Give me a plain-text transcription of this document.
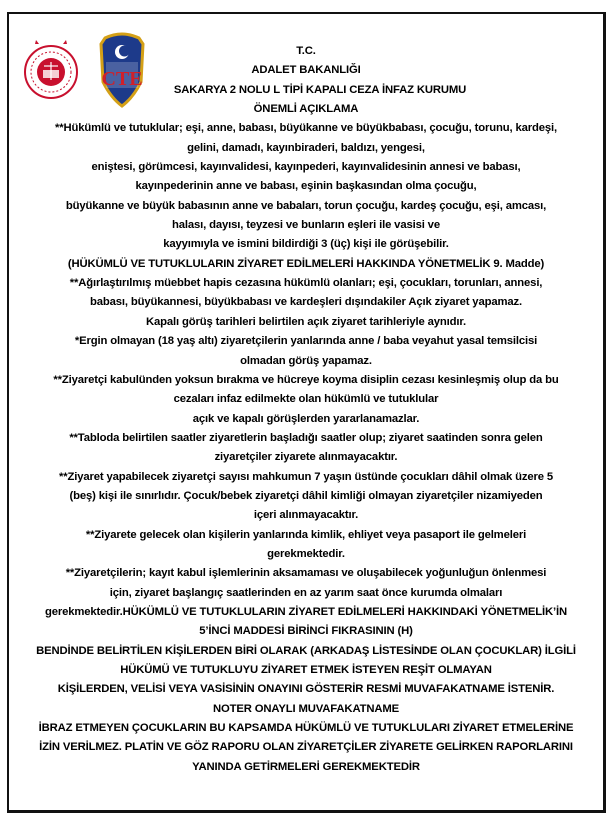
CTE
T.C.
ADALET BAKANLIĞI
SAKARYA 2 NOLU L TİPİ KAPALI CEZA İNFAZ KURUMU
ÖNEMLİ AÇIKLAMA
**Hükümlü ve tutuklular; eşi, anne, babası, büyükanne ve büyükbabası, çocuğu, torunu, kardeşi,
gelini, damadı, kayınbiraderi, baldızı, yengesi,
eniştesi, görümcesi, kayınvalidesi, kayınpederi, kayınvalidesinin annesi ve babası,
kayınpederinin anne ve babası, eşinin başkasından olma çocuğu,
büyükanne ve büyük babasının anne ve babaları, torun çocuğu, kardeş çocuğu, eşi, amcası,
halası, dayısı, teyzesi ve bunların eşleri ile vasisi ve
kayyımıyla ve ismini bildirdiği 3 (üç) kişi ile görüşebilir.
(HÜKÜMLÜ VE TUTUKLULARIN ZİYARET EDİLMELERİ HAKKINDA YÖNETMELİK 9. Madde)
**Ağırlaştırılmış müebbet hapis cezasına hükümlü olanları; eşi, çocukları, torunları, annesi,
babası, büyükannesi, büyükbabası ve kardeşleri dışındakiler Açık ziyaret yapamaz.
Kapalı görüş tarihleri belirtilen açık ziyaret tarihleriyle aynıdır.
*Ergin olmayan (18 yaş altı) ziyaretçilerin yanlarında anne / baba veyahut yasal temsilcisi
olmadan görüş yapamaz.
**Ziyaretçi kabulünden yoksun bırakma ve hücreye koyma disiplin cezası kesinleşmiş olup da bu
cezaları infaz edilmekte olan hükümlü ve tutuklular
açık ve kapalı görüşlerden yararlanamazlar.
**Tabloda belirtilen saatler ziyaretlerin başladığı saatler olup; ziyaret saatinden sonra gelen
ziyaretçiler ziyarete alınmayacaktır.
**Ziyaret yapabilecek ziyaretçi sayısı mahkumun 7 yaşın üstünde çocukları dâhil olmak üzere 5
(beş) kişi ile sınırlıdır. Çocuk/bebek ziyaretçi dâhil kimliği olmayan ziyaretçiler nizamiyeden
içeri alınmayacaktır.
**Ziyarete gelecek olan kişilerin yanlarında kimlik, ehliyet veya pasaport ile gelmeleri
gerekmektedir.
**Ziyaretçilerin; kayıt kabul işlemlerinin aksamaması ve oluşabilecek yoğunluğun önlenmesi
için, ziyaret başlangıç saatlerinden en az yarım saat önce kurumda olmaları
gerekmektedir.HÜKÜMLÜ VE TUTUKLULARIN ZİYARET EDİLMELERİ HAKKINDAKİ YÖNETMELİK’İN
5’İNCİ MADDESİ BİRİNCİ FIKRASININ (H)
BENDİNDE BELİRTİLEN KİŞİLERDEN BİRİ OLARAK (ARKADAŞ LİSTESİNDE OLAN ÇOCUKLAR) İLGİLİ
HÜKÜMÜ VE TUTUKLUYU ZİYARET ETMEK İSTEYEN REŞİT OLMAYAN
KİŞİLERDEN, VELİSİ VEYA VASİSİNİN ONAYINI GÖSTERİR RESMİ MUVAFAKATNAME İSTENİR.
NOTER ONAYLI MUVAFAKATNAME
İBRAZ ETMEYEN ÇOCUKLARIN BU KAPSAMDA HÜKÜMLÜ VE TUTUKLULARI ZİYARET ETMELERİNE
İZİN VERİLMEZ. PLATİN VE GÖZ RAPORU OLAN ZİYARETÇİLER ZİYARETE GELİRKEN RAPORLARINI
YANINDA GETİRMELERİ GEREKMEKTEDİR
